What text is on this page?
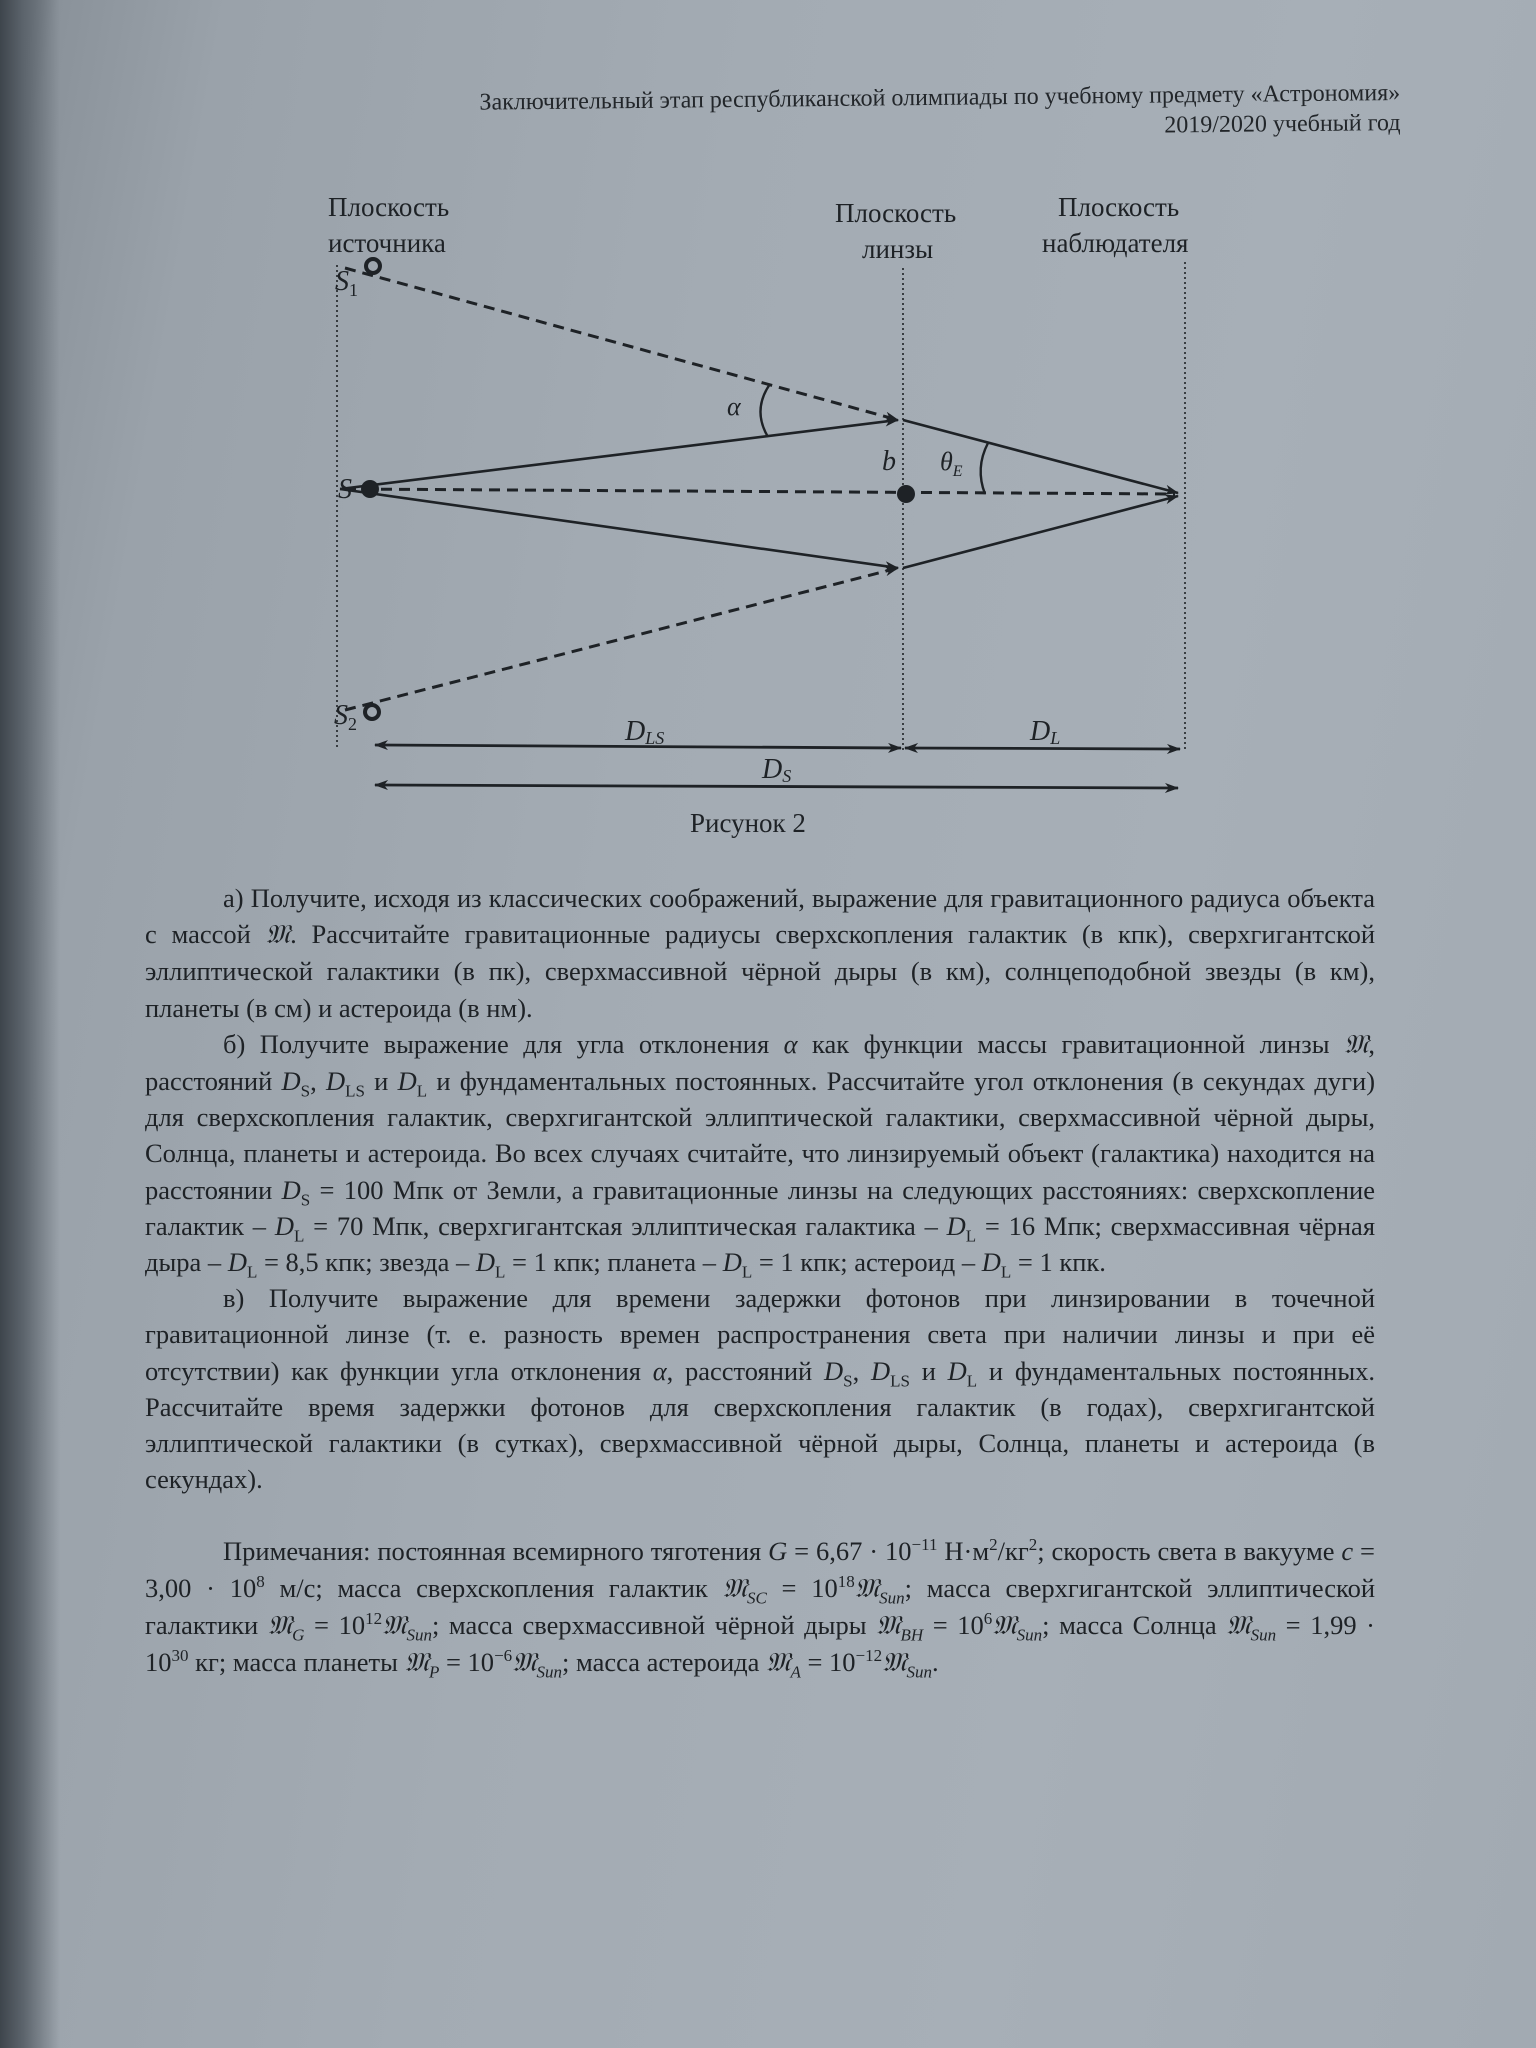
Заключительный этап республиканской олимпиады по учебному предмету «Астрономия»
2019/2020 учебный год
Плоскость
источника
Плоскость
линзы
Плоскость
наблюдателя
$S_1$
S
$S_2$
α
b $\theta_E$
DLS	DL
DS
Рисунок 2

а) Получите, исходя из классических соображений, выражение для гравитационного радиуса объекта с массой 𝔐. Рассчитайте гравитационные радиусы сверхскопления галактик (в кпк), сверхгигантской эллиптической галактики (в пк), сверхмассивной чёрной дыры (в км), солнцеподобной звезды (в км), планеты (в см) и астероида (в нм).

б) Получите выражение для угла отклонения α как функции массы гравитационной линзы 𝔐, расстояний $D_S$, $D_{LS}$ и $D_L$ и фундаментальных постоянных. Рассчитайте угол отклонения (в секундах дуги) для сверхскопления галактик, сверхгигантской эллиптической галактики, сверхмассивной чёрной дыры, Солнца, планеты и астероида. Во всех случаях считайте, что линзируемый объект (галактика) находится на расстоянии $D_S = 100$ Мпк от Земли, а гравитационные линзы на следующих расстояниях: сверхскопление галактик – $D_L = 70$ Мпк, сверхгигантская эллиптическая галактика – $D_L = 16$ Мпк; сверхмассивная чёрная дыра – $D_L = 8,5$ кпк; звезда – $D_L = 1$ кпк; планета – $D_L = 1$ кпк; астероид – $D_L = 1$ кпк.

в) Получите выражение для времени задержки фотонов при линзировании в точечной гравитационной линзе (т. е. разность времен распространения света при наличии линзы и при её отсутствии) как функции угла отклонения α, расстояний $D_S$, $D_{LS}$ и $D_L$ и фундаментальных постоянных. Рассчитайте время задержки фотонов для сверхскопления галактик (в годах), сверхгигантской эллиптической галактики (в сутках), сверхмассивной чёрной дыры, Солнца, планеты и астероида (в секундах).

Примечания: постоянная всемирного тяготения $G = 6,67 \cdot 10^{-11}$ $Н\cdot м^2/кг^2$; скорость света в вакууме $c = 3,00 \cdot 10^8$ м/с; масса сверхскопления галактик 𝔐$_{SC}$ = $10^{18}𝔐_{Sun}$; масса сверхгигантской эллиптической галактики 𝔐$_G$ = $10^{12}𝔐_{Sun}$; масса сверхмассивной чёрной дыры 𝔐$_{BH}$ = $10^6𝔐_{Sun}$; масса Солнца 𝔐$_{Sun}$ = $1,99 \cdot 10^{30}$ кг; масса планеты 𝔐$_P$ = $10^{-6}𝔐_{Sun}$; масса астероида 𝔐$_A$ = $10^{-12}𝔐_{Sun}$.
